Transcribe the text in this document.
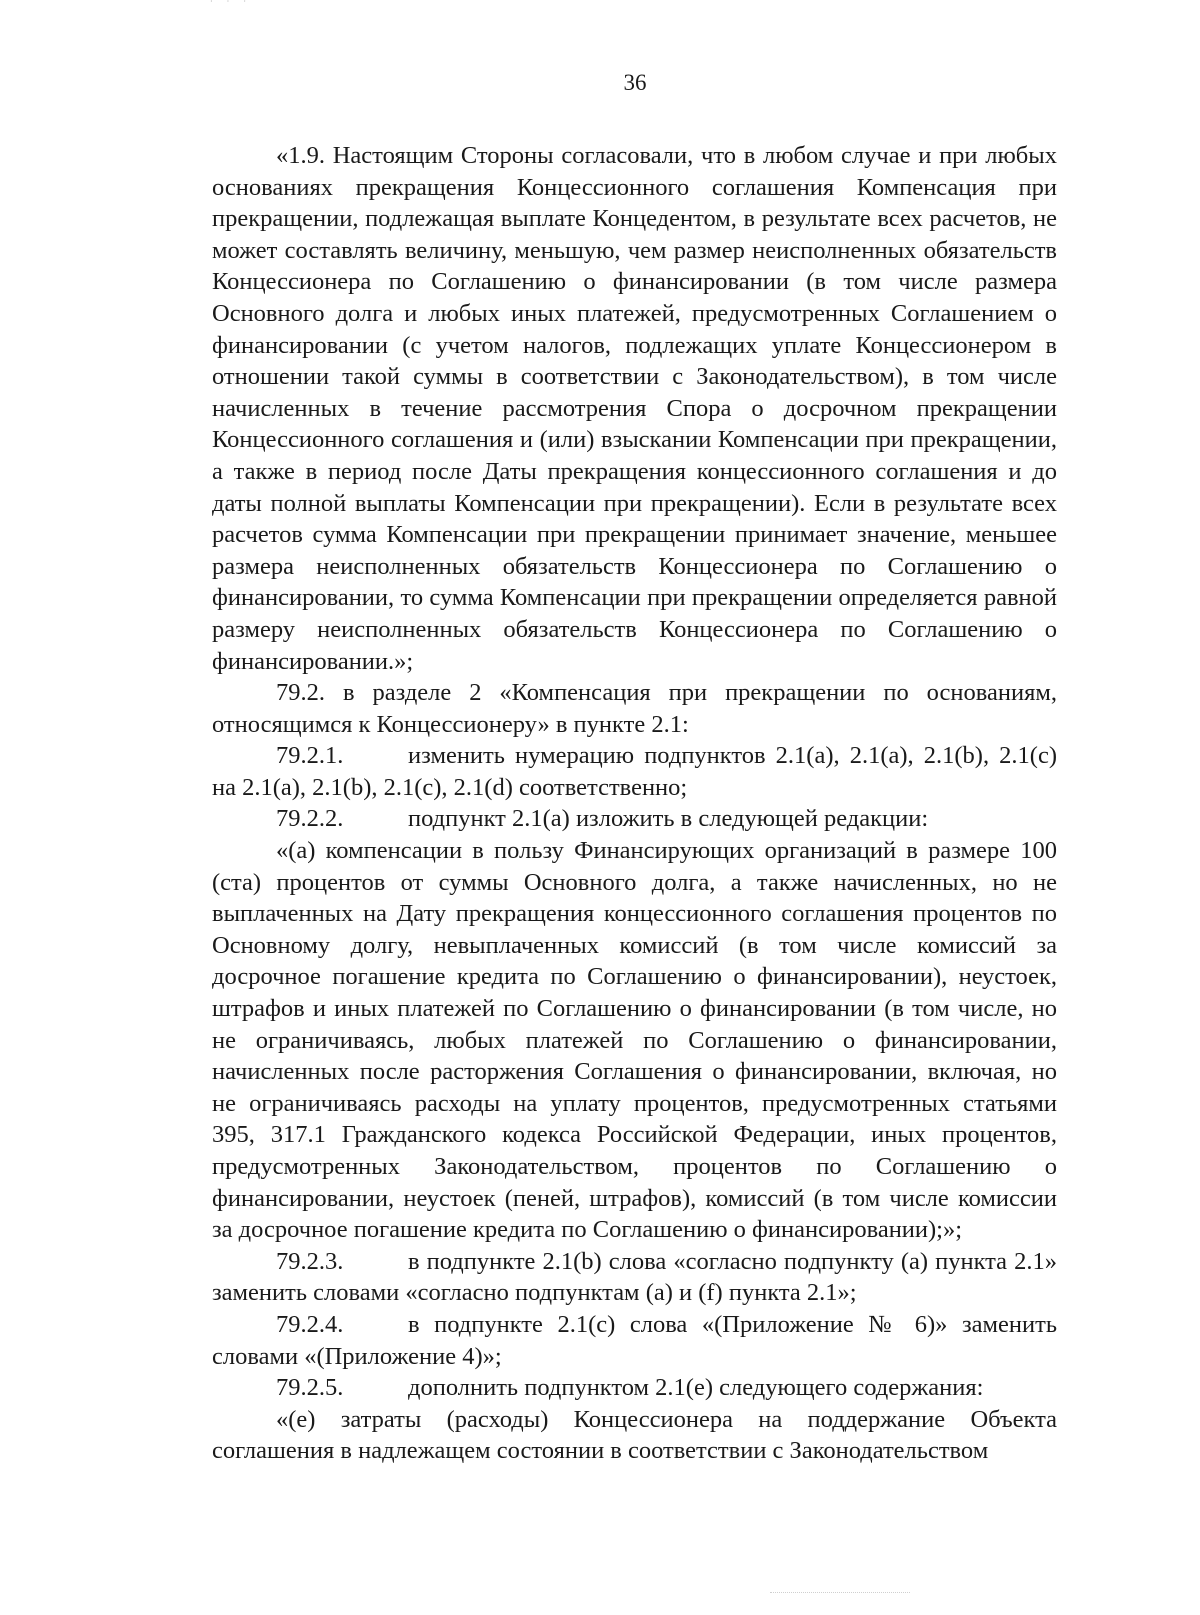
· · ·
36

«1.9. Настоящим Стороны согласовали, что в любом случае и при любых основаниях прекращения Концессионного соглашения Компенсация при прекращении, подлежащая выплате Концедентом, в результате всех расчетов, не может составлять величину, меньшую, чем размер неисполненных обязательств Концессионера по Соглашению о финансировании (в том числе размера Основного долга и любых иных платежей, предусмотренных Соглашением о финансировании (с учетом налогов, подлежащих уплате Концессионером в отношении такой суммы в соответствии с Законодательством), в том числе начисленных в течение рассмотрения Спора о досрочном прекращении Концессионного соглашения и (или) взыскании Компенсации при прекращении, а также в период после Даты прекращения концессионного соглашения и до даты полной выплаты Компенсации при прекращении). Если в результате всех расчетов сумма Компенсации при прекращении принимает значение, меньшее размера неисполненных обязательств Концессионера по Соглашению о финансировании, то сумма Компенсации при прекращении определяется равной размеру неисполненных обязательств Концессионера по Соглашению о финансировании.»;

79.2. в разделе 2 «Компенсация при прекращении по основаниям, относящимся к Концессионеру» в пункте 2.1:

79.2.1.	изменить нумерацию подпунктов 2.1(а), 2.1(а), 2.1(b), 2.1(с) на 2.1(а), 2.1(b), 2.1(с), 2.1(d) соответственно;

79.2.2.	подпункт 2.1(а) изложить в следующей редакции:

«(а) компенсации в пользу Финансирующих организаций в размере 100 (ста) процентов от суммы Основного долга, а также начисленных, но не выплаченных на Дату прекращения концессионного соглашения процентов по Основному долгу, невыплаченных комиссий (в том числе комиссий за досрочное погашение кредита по Соглашению о финансировании), неустоек, штрафов и иных платежей по Соглашению о финансировании (в том числе, но не ограничиваясь, любых платежей по Соглашению о финансировании, начисленных после расторжения Соглашения о финансировании, включая, но не ограничиваясь расходы на уплату процентов, предусмотренных статьями 395, 317.1 Гражданского кодекса Российской Федерации, иных процентов, предусмотренных Законодательством, процентов по Соглашению о финансировании, неустоек (пеней, штрафов), комиссий (в том числе комиссии за досрочное погашение кредита по Соглашению о финансировании);»;

79.2.3.	в подпункте 2.1(b) слова «согласно подпункту (а) пункта 2.1» заменить словами «согласно подпунктам (а) и (f) пункта 2.1»;

79.2.4.	в подпункте 2.1(с) слова «(Приложение № 6)» заменить словами «(Приложение 4)»;

79.2.5.	дополнить подпунктом 2.1(е) следующего содержания:

«(е) затраты (расходы) Концессионера на поддержание Объекта соглашения в надлежащем состоянии в соответствии с Законодательством
